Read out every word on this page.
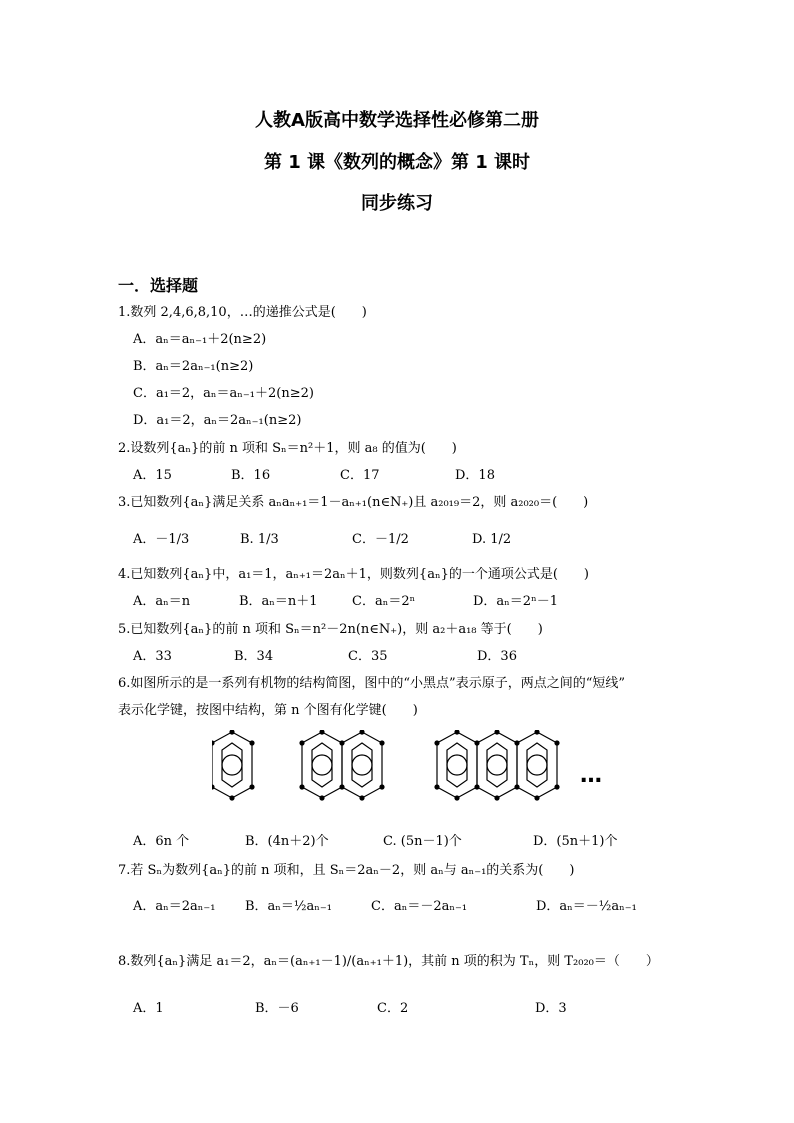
人教A版高中数学选择性必修第二册
第 1 课《数列的概念》第 1 课时
同步练习
一．选择题
1.数列 2,4,6,8,10，…的递推公式是(　　)
A．aₙ＝aₙ₋₁＋2(n≥2)
B．aₙ＝2aₙ₋₁(n≥2)
C．a₁＝2，aₙ＝aₙ₋₁＋2(n≥2)
D．a₁＝2，aₙ＝2aₙ₋₁(n≥2)
2.设数列{aₙ}的前 n 项和 Sₙ＝n²＋1，则 a₈ 的值为(　　)
A．15	B．16	C．17	D．18
3.已知数列{aₙ}满足关系 aₙaₙ₊₁＝1－aₙ₊₁(n∈N₊)且 a₂₀₁₉＝2，则 a₂₀₂₀＝(　　)
A．－1/3	B. 1/3	C．－1/2	D. 1/2
4.已知数列{aₙ}中，a₁＝1，aₙ₊₁＝2aₙ＋1，则数列{aₙ}的一个通项公式是(　　)
A．aₙ＝n	B．aₙ＝n＋1	C．aₙ＝2ⁿ	D．aₙ＝2ⁿ－1
5.已知数列{aₙ}的前 n 项和 Sₙ＝n²－2n(n∈N₊)，则 a₂＋a₁₈ 等于(　　)
A．33	B．34	C．35	D．36
6.如图所示的是一系列有机物的结构简图，图中的“小黑点”表示原子，两点之间的“短线”
表示化学键，按图中结构，第 n 个图有化学键(　　)
…
A．6n 个	B．(4n＋2)个	C. (5n－1)个	D．(5n＋1)个
7.若 Sₙ为数列{aₙ}的前 n 项和，且 Sₙ＝2aₙ－2，则 aₙ与 aₙ₋₁的关系为(　　)
A．aₙ＝2aₙ₋₁ B．aₙ＝½aₙ₋₁	C．aₙ＝－2aₙ₋₁	D．aₙ＝－½aₙ₋₁
8.数列{aₙ}满足 a₁＝2，aₙ＝(aₙ₊₁－1)/(aₙ₊₁＋1)，其前 n 项的积为 Tₙ，则 T₂₀₂₀＝（　　）
A．1	B．－6	C．2	D．3
